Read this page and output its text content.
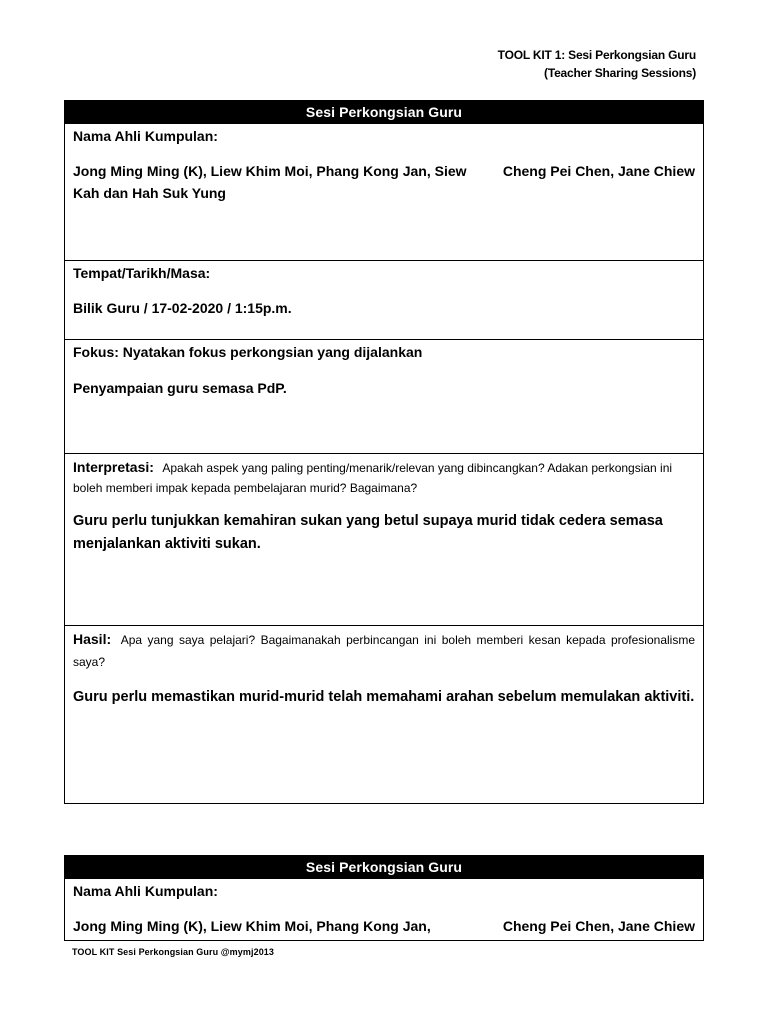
TOOL KIT 1: Sesi Perkongsian Guru
(Teacher Sharing Sessions)
Sesi Perkongsian Guru
Nama Ahli Kumpulan:
Jong Ming Ming (K), Liew Khim Moi, Phang Kong Jan, Siew Kah dan Hah Suk Yung
Cheng Pei Chen, Jane Chiew
Tempat/Tarikh/Masa:
Bilik Guru / 17-02-2020 / 1:15p.m.
Fokus: Nyatakan fokus perkongsian yang dijalankan
Penyampaian guru semasa PdP.
Interpretasi: Apakah aspek yang paling penting/menarik/relevan yang dibincangkan? Adakan perkongsian ini boleh memberi impak kepada pembelajaran murid? Bagaimana?
Guru perlu tunjukkan kemahiran sukan yang betul supaya murid tidak cedera semasa menjalankan aktiviti sukan.
Hasil: Apa yang saya pelajari? Bagaimanakah perbincangan ini boleh memberi kesan kepada profesionalisme saya?
Guru perlu memastikan murid-murid telah memahami arahan sebelum memulakan aktiviti.
Sesi Perkongsian Guru
Nama Ahli Kumpulan:
Jong Ming Ming (K), Liew Khim Moi, Phang Kong Jan,	Cheng Pei Chen, Jane Chiew
TOOL KIT Sesi Perkongsian Guru @mymj2013
